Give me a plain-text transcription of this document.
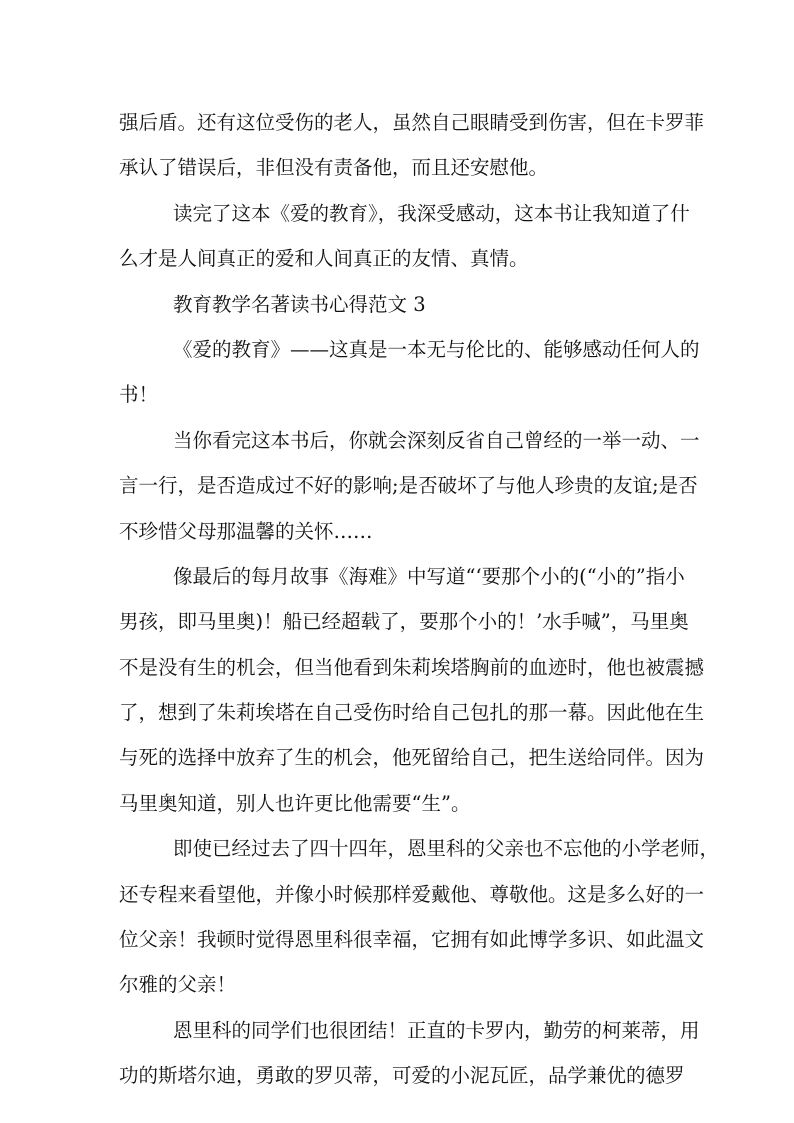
强后盾。还有这位受伤的老人，虽然自己眼睛受到伤害，但在卡罗菲
承认了错误后，非但没有责备他，而且还安慰他。
读完了这本《爱的教育》，我深受感动，这本书让我知道了什
么才是人间真正的爱和人间真正的友情、真情。
教育教学名著读书心得范文 3
《爱的教育》——这真是一本无与伦比的、能够感动任何人的
书！
当你看完这本书后，你就会深刻反省自己曾经的一举一动、一
言一行，是否造成过不好的影响;是否破坏了与他人珍贵的友谊;是否
不珍惜父母那温馨的关怀……
像最后的每月故事《海难》中写道“‘要那个小的(“小的”指小
男孩，即马里奥)！船已经超载了，要那个小的！’水手喊”，马里奥
不是没有生的机会，但当他看到朱莉埃塔胸前的血迹时，他也被震撼
了，想到了朱莉埃塔在自己受伤时给自己包扎的那一幕。因此他在生
与死的选择中放弃了生的机会，他死留给自己，把生送给同伴。因为
马里奥知道，别人也许更比他需要“生”。
即使已经过去了四十四年，恩里科的父亲也不忘他的小学老师，
还专程来看望他，并像小时候那样爱戴他、尊敬他。这是多么好的一
位父亲！我顿时觉得恩里科很幸福，它拥有如此博学多识、如此温文
尔雅的父亲！
恩里科的同学们也很团结！正直的卡罗内，勤劳的柯莱蒂，用
功的斯塔尔迪，勇敢的罗贝蒂，可爱的小泥瓦匠，品学兼优的德罗
